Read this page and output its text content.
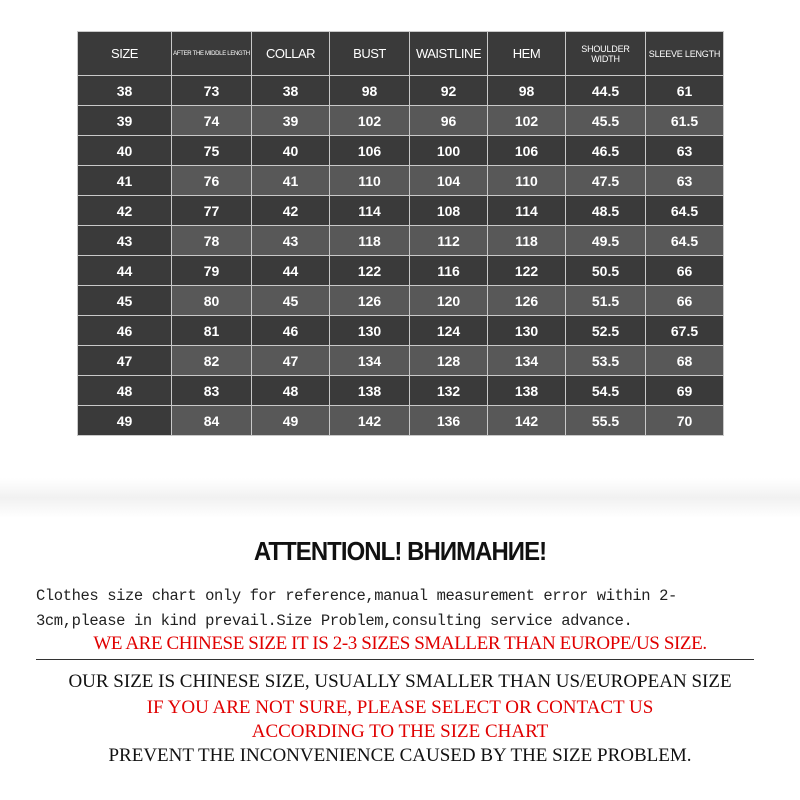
SIZE	AFTER THE MIDDLE LENGTH	COLLAR	BUST	WAISTLINE	HEM	SHOULDER WIDTH	SLEEVE LENGTH
38	73	38	98	92	98	44.5	61
39	74	39	102	96	102	45.5	61.5
40	75	40	106	100	106	46.5	63
41	76	41	110	104	110	47.5	63
42	77	42	114	108	114	48.5	64.5
43	78	43	118	112	118	49.5	64.5
44	79	44	122	116	122	50.5	66
45	80	45	126	120	126	51.5	66
46	81	46	130	124	130	52.5	67.5
47	82	47	134	128	134	53.5	68
48	83	48	138	132	138	54.5	69
49	84	49	142	136	142	55.5	70
ATTENTIONL! ВНИМАНИЕ!

Clothes size chart only for reference,manual measurement error within 2-3cm,please in kind prevail.Size Problem,consulting service advance.

WE ARE CHINESE SIZE IT IS 2-3 SIZES SMALLER THAN EUROPE/US SIZE.
OUR SIZE IS CHINESE SIZE, USUALLY SMALLER THAN US/EUROPEAN SIZE
IF YOU ARE NOT SURE, PLEASE SELECT OR CONTACT US
ACCORDING TO THE SIZE CHART
PREVENT THE INCONVENIENCE CAUSED BY THE SIZE PROBLEM.
